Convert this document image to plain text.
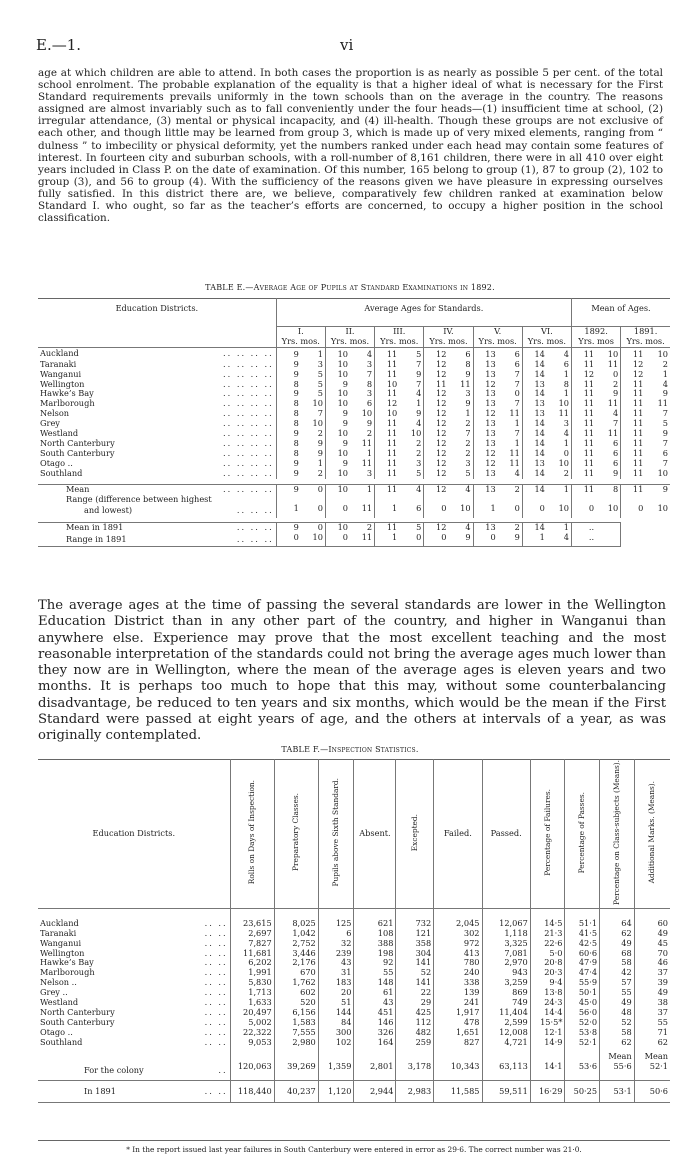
E.—1.	vi
age at which children are able to attend. In both cases the proportion is as nearly as possible 5 per cent. of the total school enrolment. The probable explanation of the equality is that a higher ideal of what is necessary for the First Standard requirements prevails uniformly in the town schools than on the average in the country. The reasons assigned are almost invariably such as to fall conveniently under the four heads—(1) insufficient time at school, (2) irregular attendance, (3) mental or physical incapacity, and (4) ill-health. Though these groups are not exclusive of each other, and though little may be learned from group 3, which is made up of very mixed elements, ranging from “ dulness ” to imbecility or physical deformity, yet the numbers ranked under each head may contain some features of interest. In fourteen city and suburban schools, with a roll-number of 8,161 children, there were in all 410 over eight years included in Class P. on the date of examination. Of this number, 165 belong to group (1), 87 to group (2), 102 to group (3), and 56 to group (4). With the sufficiency of the reasons given we have pleasure in expressing ourselves fully satisfied. In this district there are, we believe, comparatively few children ranked at examination below Standard I. who ought, so far as the teacher’s efforts are concerned, to occupy a higher position in the school classification.
TABLE E.—Average Age of Pupils at Standard Examinations in 1892.
Education Districts.	Average Ages for Standards.												Mean of Ages.			
	I.		II.		III.		IV.		V.		VI.		1892.		1891.	
	Yrs. mos.		Yrs. mos.		Yrs. mos.		Yrs. mos.		Yrs. mos.		Yrs. mos.		Yrs. mos		Yrs. mos.	
Auckland .. .. .. ..	9	1	10	4	11	5	12	6	13	6	14	4	11	10	11	10
Taranaki .. .. .. ..	9	3	10	3	11	7	12	8	13	6	14	6	11	11	12	2
Wanganui .. .. .. ..	9	5	10	7	11	9	12	9	13	7	14	1	12	0	12	1
Wellington .. .. .. ..	8	5	9	8	10	7	11	11	12	7	13	8	11	2	11	4
Hawke’s Bay .. .. .. ..	9	5	10	3	11	4	12	3	13	0	14	1	11	9	11	9
Marlborough .. .. .. ..	8	10	10	6	12	1	12	9	13	7	13	10	11	11	11	11
Nelson .. .. .. ..	8	7	9	10	10	9	12	1	12	11	13	11	11	4	11	7
Grey .. .. .. ..	8	10	9	9	11	4	12	2	13	1	14	3	11	7	11	5
Westland .. .. .. ..	9	2	10	2	11	10	12	7	13	7	14	4	11	11	11	9
North Canterbury .. .. .. ..	8	9	9	11	11	2	12	2	13	1	14	1	11	6	11	7
South Canterbury .. .. .. ..	8	9	10	1	11	2	12	2	12	11	14	0	11	6	11	6
Otago .. .. .. .. ..	9	1	9	11	11	3	12	3	12	11	13	10	11	6	11	7
Southland .. .. .. ..	9	2	10	3	11	5	12	5	13	4	14	2	11	9	11	10

Mean .. .. .. ..	9	0	10	1	11	4	12	4	13	2	14	1	11	8	11	9
Range (difference between highest																
and lowest) .. .. ..	1	0	0	11	1	6	0	10	1	0	0	10	0	10	0	10

Mean in 1891 .. .. ..	9	0	10	2	11	5	12	4	13	2	14	1	..			
Range in 1891 .. .. ..	0	10	0	11	1	0	0	9	0	9	1	4	..			
The average ages at the time of passing the several standards are lower in the Wellington Education District than in any other part of the country, and higher in Wanganui than anywhere else. Experience may prove that the most excellent teaching and the most reasonable interpretation of the standards could not bring the average ages much lower than they now are in Wellington, where the mean of the average ages is eleven years and two months. It is perhaps too much to hope that this may, without some counterbalancing disadvantage, be reduced to ten years and six months, which would be the mean if the First Standard were passed at eight years of age, and the others at intervals of a year, as was originally contemplated.
TABLE F.—Inspection Statistics.
Education Districts.	Rolls on Days of Inspection.	Preparatory Classes.	Pupils above Sixth Standard.	Absent.	Excepted.	Failed.	Passed.	Percentage of Failures.	Percentage of Passes.	Percentage on Class-subjects (Means).	Additional Marks. (Means).
Auckland .. ..	23,615	8,025	125	621	732	2,045	12,067	14·5	51·1	64	60
Taranaki .. ..	2,697	1,042	6	108	121	302	1,118	21·3	41·5	62	49
Wanganui .. ..	7,827	2,752	32	388	358	972	3,325	22·6	42·5	49	45
Wellington .. ..	11,681	3,446	239	198	304	413	7,081	5·0	60·6	68	70
Hawke’s Bay .. ..	6,202	2,176	43	92	141	780	2,970	20·8	47·9	58	46
Marlborough .. ..	1,991	670	31	55	52	240	943	20·3	47·4	42	37
Nelson .. .. ..	5,830	1,762	183	148	141	338	3,259	9·4	55·9	57	39
Grey .. .. ..	1,713	602	20	61	22	139	869	13·8	50·1	55	49
Westland .. ..	1,633	520	51	43	29	241	749	24·3	45·0	49	38
North Canterbury .. ..	20,497	6,156	144	451	425	1,917	11,404	14·4	56·0	48	37
South Canterbury .. ..	5,002	1,583	84	146	112	478	2,599	15·5*	52·0	52	55
Otago .. .. ..	22,322	7,555	300	326	482	1,651	12,008	12·1	53·8	58	71
Southland .. ..	9,053	2,980	102	164	259	827	4,721	14·9	52·1	62	62
										Mean	Mean
For the colony ..	120,063	39,269	1,359	2,801	3,178	10,343	63,113	14·1	53·6	55·6	52·1
In 1891 .. ..	118,440	40,237	1,120	2,944	2,983	11,585	59,511	16·29	50·25	53·1	50·6
* In the report issued last year failures in South Canterbury were entered in error as 29·6. The correct number was 21·0.
